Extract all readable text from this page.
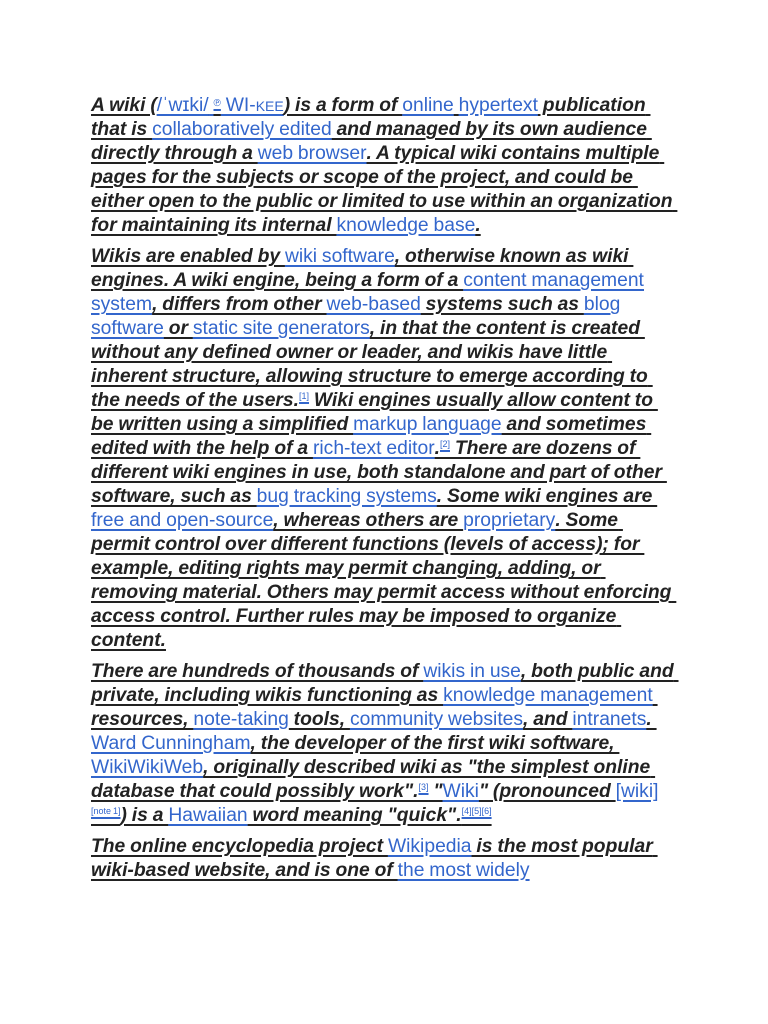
A wiki (/ˈwɪki/ ℗ WI-kee) is a form of online hypertext publication that is collaboratively edited and managed by its own audience directly through a web browser. A typical wiki contains multiple pages for the subjects or scope of the project, and could be either open to the public or limited to use within an organization for maintaining its internal knowledge base.

Wikis are enabled by wiki software, otherwise known as wiki engines. A wiki engine, being a form of a content management system, differs from other web-based systems such as blog software or static site generators, in that the content is created without any defined owner or leader, and wikis have little inherent structure, allowing structure to emerge according to the needs of the users.[1] Wiki engines usually allow content to be written using a simplified markup language and sometimes edited with the help of a rich-text editor.[2] There are dozens of different wiki engines in use, both standalone and part of other software, such as bug tracking systems. Some wiki engines are free and open-source, whereas others are proprietary. Some permit control over different functions (levels of access); for example, editing rights may permit changing, adding, or removing material. Others may permit access without enforcing access control. Further rules may be imposed to organize content.

There are hundreds of thousands of wikis in use, both public and private, including wikis functioning as knowledge management resources, note-taking tools, community websites, and intranets. Ward Cunningham, the developer of the first wiki software, WikiWikiWeb, originally described wiki as "the simplest online database that could possibly work".[3] "Wiki" (pronounced [wiki][note 1]) is a Hawaiian word meaning "quick".[4][5][6]

The online encyclopedia project Wikipedia is the most popular wiki-based website, and is one of the most widely
